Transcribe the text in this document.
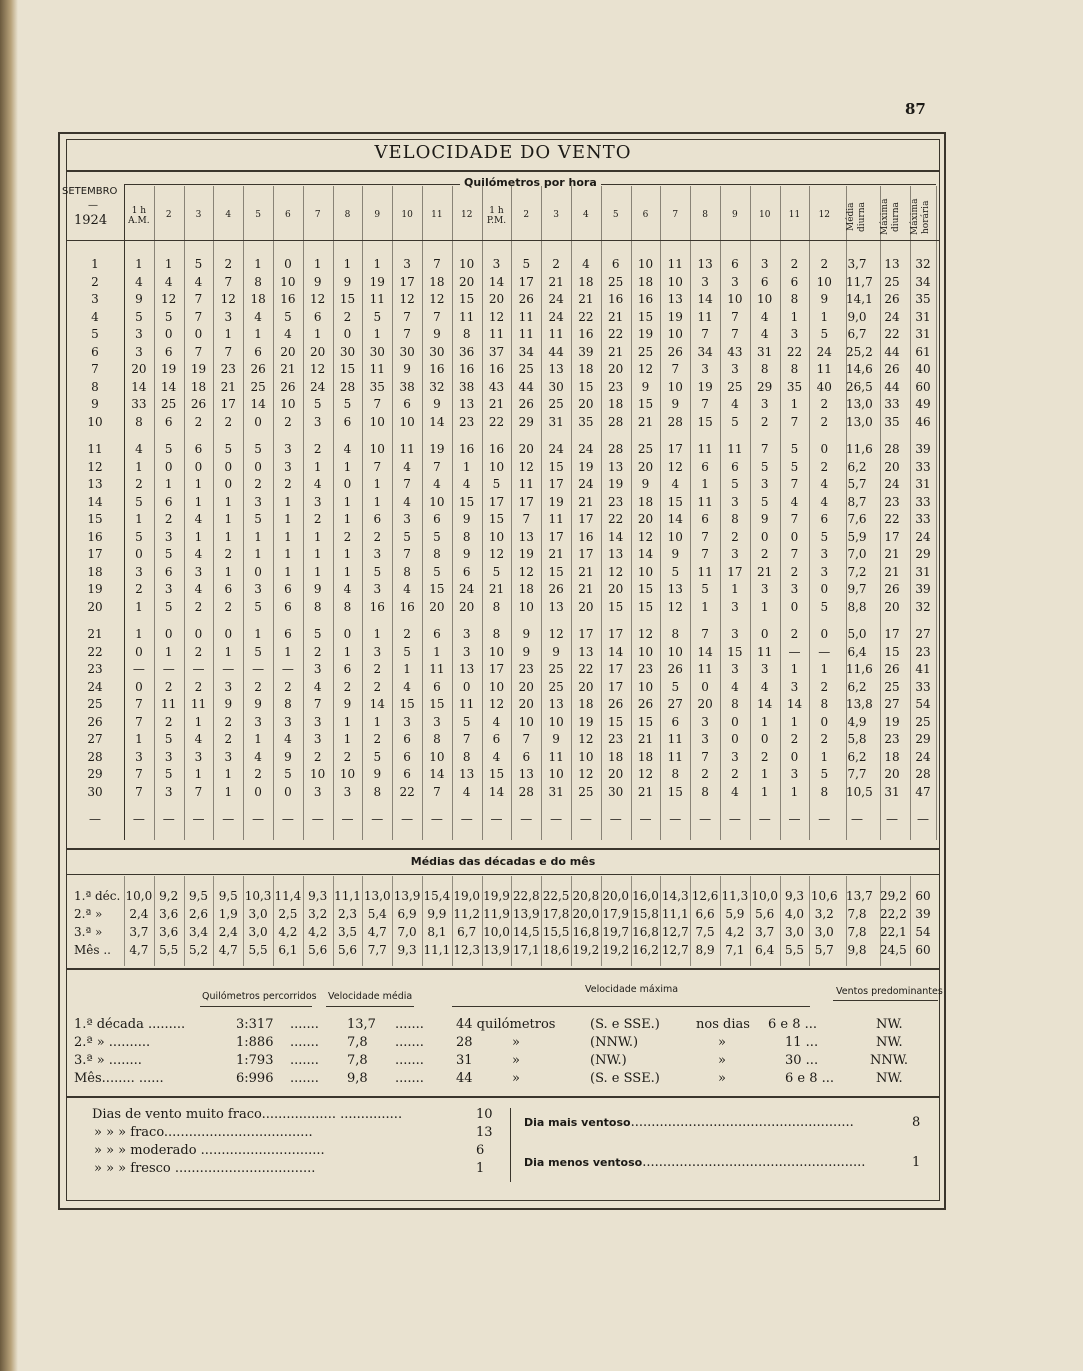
87
VELOCIDADE DO VENTO
Quilómetros por hora
SETEMBRO
—
1924
1 h A.M.
2	3	4	5	6	7	8	9	10	11	12	1 h P.M.
2	3	4	5	6	7	8	9	10	11	12	Média diurna Máxima diurna	Máxima horária
1	1	1	5	2	1	0	1	1	1	3	7	10	3	5	2	4	6	10	11	13	6	3	2	2	3,7	13	32
2	4	4	4	7	8	10	9	9	19	17	18	20	14	17	21	18	25	18	10	3	3	6	6	10	11,7 25	34
3	9	12	7	12	18	16	12	15	11	12	12	15	20	26	24	21	16	16	13	14	10	10	8	9	14,1 26	35
4	5	5	7	3	4	5	6	2	5	7	7	11	12	11	24	22	21	15	19	11	7	4	1	1	9,0	24	31
5	3	0	0	1	1	4	1	0	1	7	9	8	11	11	11	16	22	19	10	7	7	4	3	5	6,7	22	31
6	3	6	7	7	6	20	20	30	30	30	30	36	37	34	44	39	21	25	26	34	43	31	22	24	25,2 44	61
7	20	19	19	23	26	21	12	15	11	9	16	16	16	25	13	18	20	12	7	3	3	8	8	11	14,6 26	40
8	14	14	18	21	25	26	24	28	35	38	32	38	43	44	30	15	23	9	10	19	25	29	35	40	26,5 44	60
9	33	25	26	17	14	10	5	5	7	6	9	13	21	26	25	20	18	15	9	7	4	3	1	2	13,0 33	49
10	8	6	2	2	0	2	3	6	10	10	14	23	22	29	31	35	28	21	28	15	5	2	7	2	13,0 35	46
11	4	5	6	5	5	3	2	4	10	11	19	16	16	20	24	24	28	25	17	11	11	7	5	0	11,6 28	39
12	1	0	0	0	0	3	1	1	7	4	7	1	10	12	15	19	13	20	12	6	6	5	5	2	6,2	20	33
13	2	1	1	0	2	2	4	0	1	7	4	4	5	11	17	24	19	9	4	1	5	3	7	4	5,7	24	31
14	5	6	1	1	3	1	3	1	1	4	10	15	17	17	19	21	23	18	15	11	3	5	4	4	8,7	23	33
15	1	2	4	1	5	1	2	1	6	3	6	9	15	7	11	17	22	20	14	6	8	9	7	6	7,6	22	33
16	5	3	1	1	1	1	1	2	2	5	5	8	10	13	17	16	14	12	10	7	2	0	0	5	5,9	17	24
17	0	5	4	2	1	1	1	1	3	7	8	9	12	19	21	17	13	14	9	7	3	2	7	3	7,0	21	29
18	3	6	3	1	0	1	1	1	5	8	5	6	5	12	15	21	12	10	5	11	17	21	2	3	7,2	21	31
19	2	3	4	6	3	6	9	4	3	4	15	24	21	18	26	21	20	15	13	5	1	3	3	0	9,7	26	39
20	1	5	2	2	5	6	8	8	16	16	20	20	8	10	13	20	15	15	12	1	3	1	0	5	8,8	20	32
21	1	0	0	0	1	6	5	0	1	2	6	3	8	9	12	17	17	12	8	7	3	0	2	0	5,0	17	27
22	0	1	2	1	5	1	2	1	3	5	1	3	10	9	9	13	14	10	10	14	15	11	—	—	6,4	15	23
23	—	—	—	—	—	—	3	6	2	1	11	13	17	23	25	22	17	23	26	11	3	3	1	1	11,6 26	41
24	0	2	2	3	2	2	4	2	2	4	6	0	10	20	25	20	17	10	5	0	4	4	3	2	6,2	25	33
25	7	11	11	9	9	8	7	9	14	15	15	11	12	20	13	18	26	26	27	20	8	14	14	8	13,8 27	54
26	7	2	1	2	3	3	3	1	1	3	3	5	4	10	10	19	15	15	6	3	0	1	1	0	4,9	19	25
27	1	5	4	2	1	4	3	1	2	6	8	7	6	7	9	12	23	21	11	3	0	0	2	2	5,8	23	29
28	3	3	3	3	4	9	2	2	5	6	10	8	4	6	11	10	18	18	11	7	3	2	0	1	6,2	18	24
29	7	5	1	1	2	5	10	10	9	6	14	13	15	13	10	12	20	12	8	2	2	1	3	5	7,7	20	28
30	7	3	7	1	0	0	3	3	8	22	7	4	14	28	31	25	30	21	15	8	4	1	1	8	10,5 31	47
—	—	—	—	—	—	—	—	—	—	—	—	—	—	—	—	—	—	—	—	—	—	—	—	—	—	—	—
Médias das décadas e do mês
1.ª déc. 10,0 9,2 9,5 9,5 10,3 11,4 9,3 11,1 13,0 13,9 15,4 19,0 19,9 22,8 22,5 20,8 20,0 16,0 14,3 12,6 11,3 10,0 9,3 10,6 13,7 29,2 60
2.ª »	2,4 3,6 2,6 1,9 3,0 2,5 3,2 2,3 5,4 6,9 9,9 11,2 11,9 13,9 17,8 20,0 17,9 15,8 11,1 6,6 5,9 5,6 4,0 3,2	7,8 22,2 39
3.ª »	3,7 3,6 3,4 2,4 3,0 4,2 4,2 3,5 4,7 7,0 8,1 6,7 10,0 14,5 15,5 16,8 19,7 16,8 12,7 7,5 4,2 3,7 3,0 3,0	7,8 22,1 54
Mês ..	4,7 5,5 5,2 4,7 5,5 6,1 5,6 5,6 7,7 9,3 11,1 12,3 13,9 17,1 18,6 19,2 19,2 16,2 12,7 8,9 7,1 6,4 5,5 5,7	9,8 24,5 60
Quilómetros percorridos Velocidade média
Velocidade máxima	Ventos predominantes
1.ª década .........	3:317 ....... 13,7 ....... 44 quilómetros	(S. e SSE.)	nos dias 6 e 8 ...	NW.
2.ª » ..........	1:886 ....... 7,8 ....... 28	»	(NNW.)	»	11 ...	NW.
3.ª » ........	1:793 ....... 7,8 ....... 31	»	(NW.)	»	30 ...	NNW.
Mês........ ......	6:996 ....... 9,8 ....... 44	»	(S. e SSE.)	»	6 e 8 ...	NW.
Dias de vento muito fraco.................. ...............	10
» » » fraco....................................	13
» » » moderado ..............................	6
» » » fresco ..................................	1
Dia mais ventoso......................................................	8
Dia menos ventoso......................................................	1
